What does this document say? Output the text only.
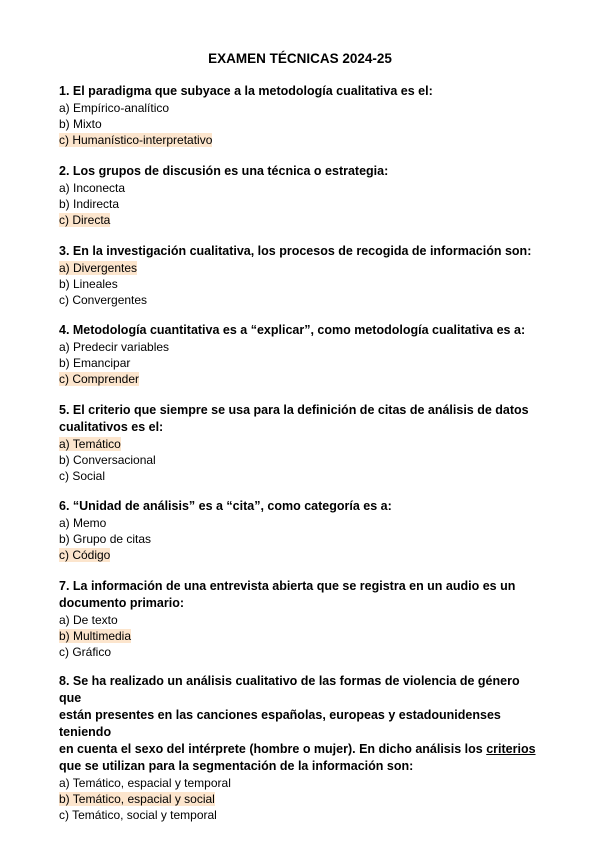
EXAMEN TÉCNICAS 2024-25

1. El paradigma que subyace a la metodología cualitativa es el:

a) Empírico-analítico

b) Mixto

c) Humanístico-interpretativo

2. Los grupos de discusión es una técnica o estrategia:

a) Inconecta

b) Indirecta

c) Directa

3. En la investigación cualitativa, los procesos de recogida de información son:

a) Divergentes

b) Lineales

c) Convergentes

4. Metodología cuantitativa es a “explicar”, como metodología cualitativa es a:

a) Predecir variables

b) Emancipar

c) Comprender

5. El criterio que siempre se usa para la definición de citas de análisis de datos

cualitativos es el:

a) Temático

b) Conversacional

c) Social

6. “Unidad de análisis” es a “cita”, como categoría es a:

a) Memo

b) Grupo de citas

c) Código

7. La información de una entrevista abierta que se registra en un audio es un

documento primario:

a) De texto

b) Multimedia

c) Gráfico

8. Se ha realizado un análisis cualitativo de las formas de violencia de género que

están presentes en las canciones españolas, europeas y estadounidenses teniendo

en cuenta el sexo del intérprete (hombre o mujer). En dicho análisis los criterios

que se utilizan para la segmentación de la información son:

a) Temático, espacial y temporal

b) Temático, espacial y social

c) Temático, social y temporal
